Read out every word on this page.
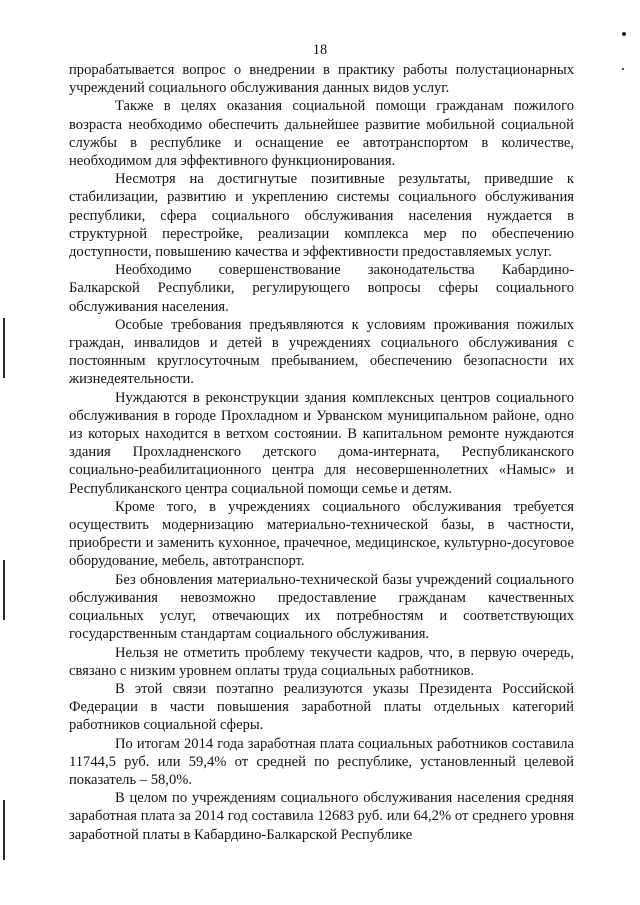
18

прорабатывается вопрос о внедрении в практику работы полустационарных учреждений социального обслуживания данных видов услуг.

Также в целях оказания социальной помощи гражданам пожилого возраста необходимо обеспечить дальнейшее развитие мобильной социальной службы в республике и оснащение ее автотранспортом в количестве, необходимом для эффективного функционирования.

Несмотря на достигнутые позитивные результаты, приведшие к стабилизации, развитию и укреплению системы социального обслуживания республики, сфера социального обслуживания населения нуждается в структурной перестройке, реализации комплекса мер по обеспечению доступности, повышению качества и эффективности предоставляемых услуг.

Необходимо совершенствование законодательства Кабардино-Балкарской Республики, регулирующего вопросы сферы социального обслуживания населения.

Особые требования предъявляются к условиям проживания пожилых граждан, инвалидов и детей в учреждениях социального обслуживания с постоянным круглосуточным пребыванием, обеспечению безопасности их жизнедеятельности.

Нуждаются в реконструкции здания комплексных центров социального обслуживания в городе Прохладном и Урванском муниципальном районе, одно из которых находится в ветхом состоянии. В капитальном ремонте нуждаются здания Прохладненского детского дома-интерната, Республиканского социально-реабилитационного центра для несовершеннолетних «Намыс» и Республиканского центра социальной помощи семье и детям.

Кроме того, в учреждениях социального обслуживания требуется осуществить модернизацию материально-технической базы, в частности, приобрести и заменить кухонное, прачечное, медицинское, культурно-досуговое оборудование, мебель, автотранспорт.

Без обновления материально-технической базы учреждений социального обслуживания невозможно предоставление гражданам качественных социальных услуг, отвечающих их потребностям и соответствующих государственным стандартам социального обслуживания.

Нельзя не отметить проблему текучести кадров, что, в первую очередь, связано с низким уровнем оплаты труда социальных работников.

В этой связи поэтапно реализуются указы Президента Российской Федерации в части повышения заработной платы отдельных категорий работников социальной сферы.

По итогам 2014 года заработная плата социальных работников составила 11744,5 руб. или 59,4% от средней по республике, установленный целевой показатель – 58,0%.

В целом по учреждениям социального обслуживания населения средняя заработная плата за 2014 год составила 12683 руб. или 64,2% от среднего уровня заработной платы в Кабардино-Балкарской Республике
